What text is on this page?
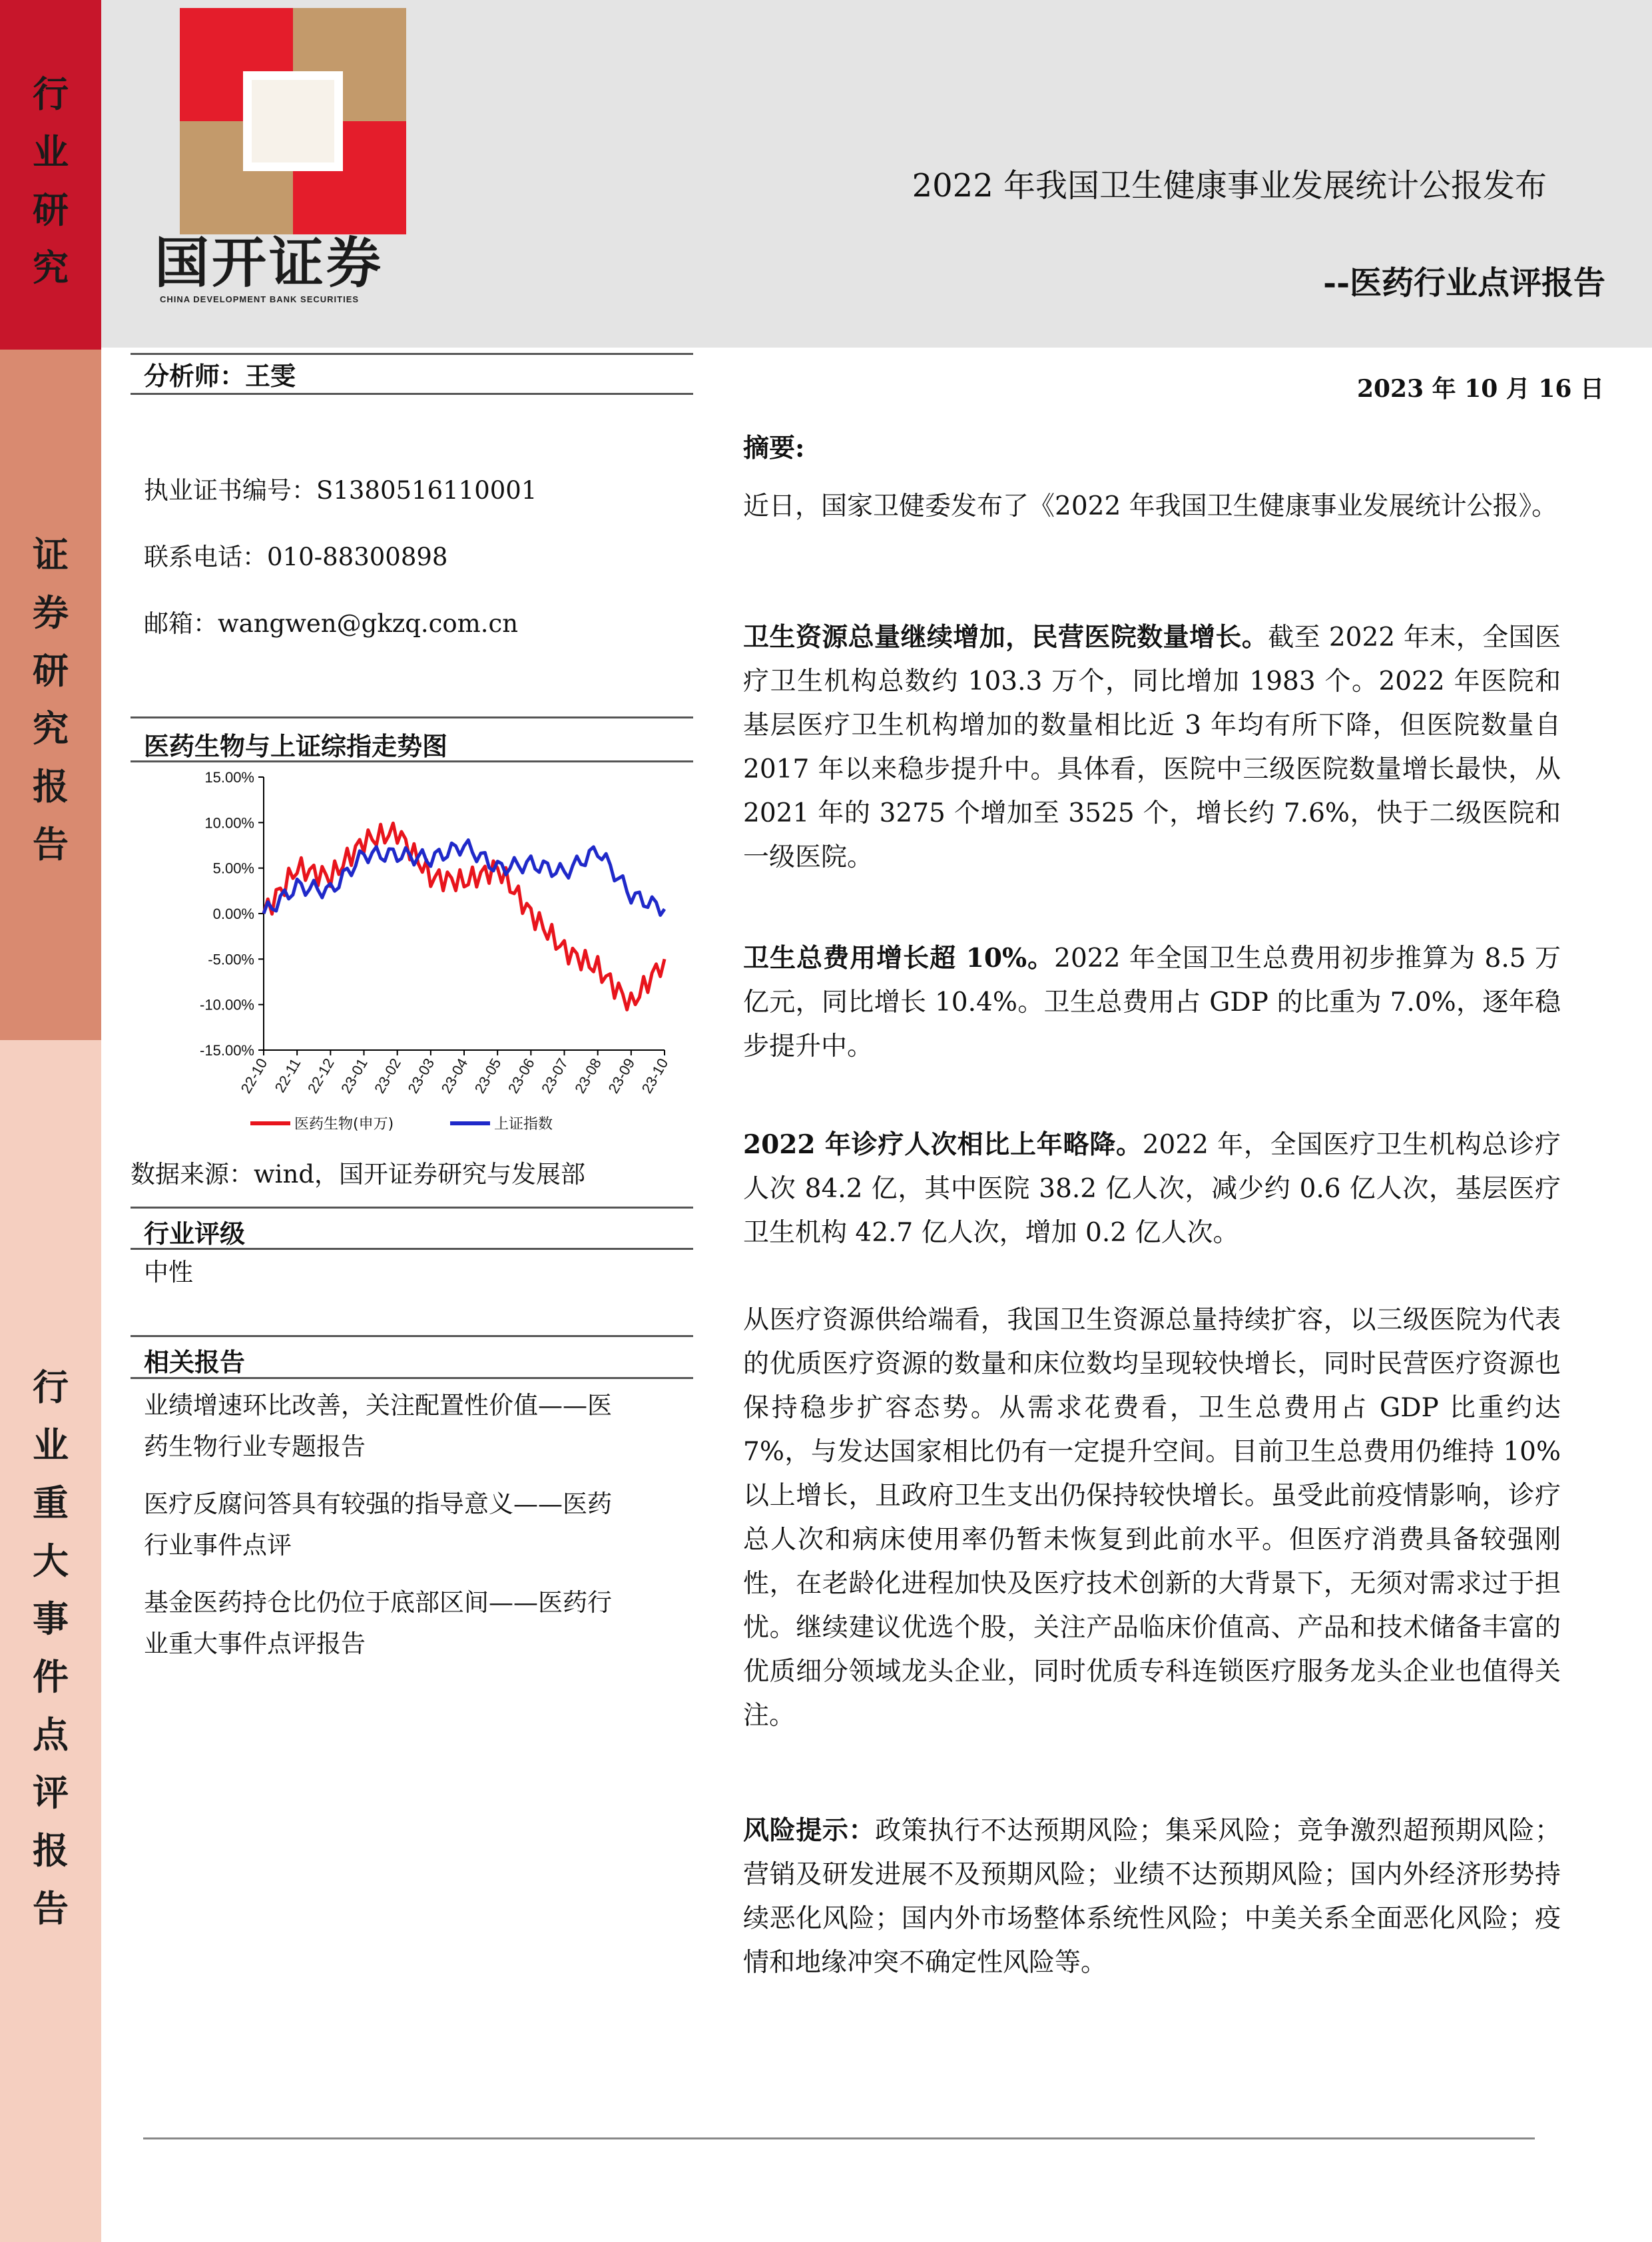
行
业
研
究
证
券
研
究
报
告
行
业
重
大
事
件
点
评
报
告
国开证券
CHINA DEVELOPMENT BANK SECURITIES
2022 年我国卫生健康事业发展统计公报发布
--医药行业点评报告
分析师：王雯
执业证书编号：S1380516110001
联系电话：010-88300898
邮箱：wangwen@gkzq.com.cn
医药生物与上证综指走势图
15.00%
10.00%
5.00%
0.00%
-5.00%
-10.00%
-15.00%
22-10 22-11 22-12 23-01 23-02 23-03 23-04 23-05 23-06 23-07 23-08 23-09 23-10
医药生物(申万)	上证指数
数据来源：wind，国开证券研究与发展部
行业评级
中性
相关报告
业绩增速环比改善，关注配置性价值——医
药生物行业专题报告
医疗反腐问答具有较强的指导意义——医药
行业事件点评
基金医药持仓比仍位于底部区间——医药行
业重大事件点评报告
2023 年 10 月 16 日
摘要:
近日，国家卫健委发布了《2022 年我国卫生健康事业发展统计公报》。
卫生资源总量继续增加，民营医院数量增长。截至 2022 年末，全国医疗卫生机构总数约 103.3 万个，同比增加 1983 个。2022 年医院和基层医疗卫生机构增加的数量相比近 3 年均有所下降，但医院数量自 2017 年以来稳步提升中。具体看，医院中三级医院数量增长最快，从 2021 年的 3275 个增加至 3525 个，增长约 7.6%，快于二级医院和一级医院。
卫生总费用增长超 10%。2022 年全国卫生总费用初步推算为 8.5 万亿元，同比增长 10.4%。卫生总费用占 GDP 的比重为 7.0%，逐年稳步提升中。
2022 年诊疗人次相比上年略降。2022 年，全国医疗卫生机构总诊疗人次 84.2 亿，其中医院 38.2 亿人次，减少约 0.6 亿人次，基层医疗卫生机构 42.7 亿人次，增加 0.2 亿人次。
从医疗资源供给端看，我国卫生资源总量持续扩容，以三级医院为代表的优质医疗资源的数量和床位数均呈现较快增长，同时民营医疗资源也保持稳步扩容态势。从需求花费看，卫生总费用占 GDP 比重约达 7%，与发达国家相比仍有一定提升空间。目前卫生总费用仍维持 10%以上增长，且政府卫生支出仍保持较快增长。虽受此前疫情影响，诊疗总人次和病床使用率仍暂未恢复到此前水平。但医疗消费具备较强刚性，在老龄化进程加快及医疗技术创新的大背景下，无须对需求过于担忧。继续建议优选个股，关注产品临床价值高、产品和技术储备丰富的优质细分领域龙头企业，同时优质专科连锁医疗服务龙头企业也值得关注。
风险提示：政策执行不达预期风险；集采风险；竞争激烈超预期风险；营销及研发进展不及预期风险；业绩不达预期风险；国内外经济形势持续恶化风险；国内外市场整体系统性风险；中美关系全面恶化风险；疫情和地缘冲突不确定性风险等。
